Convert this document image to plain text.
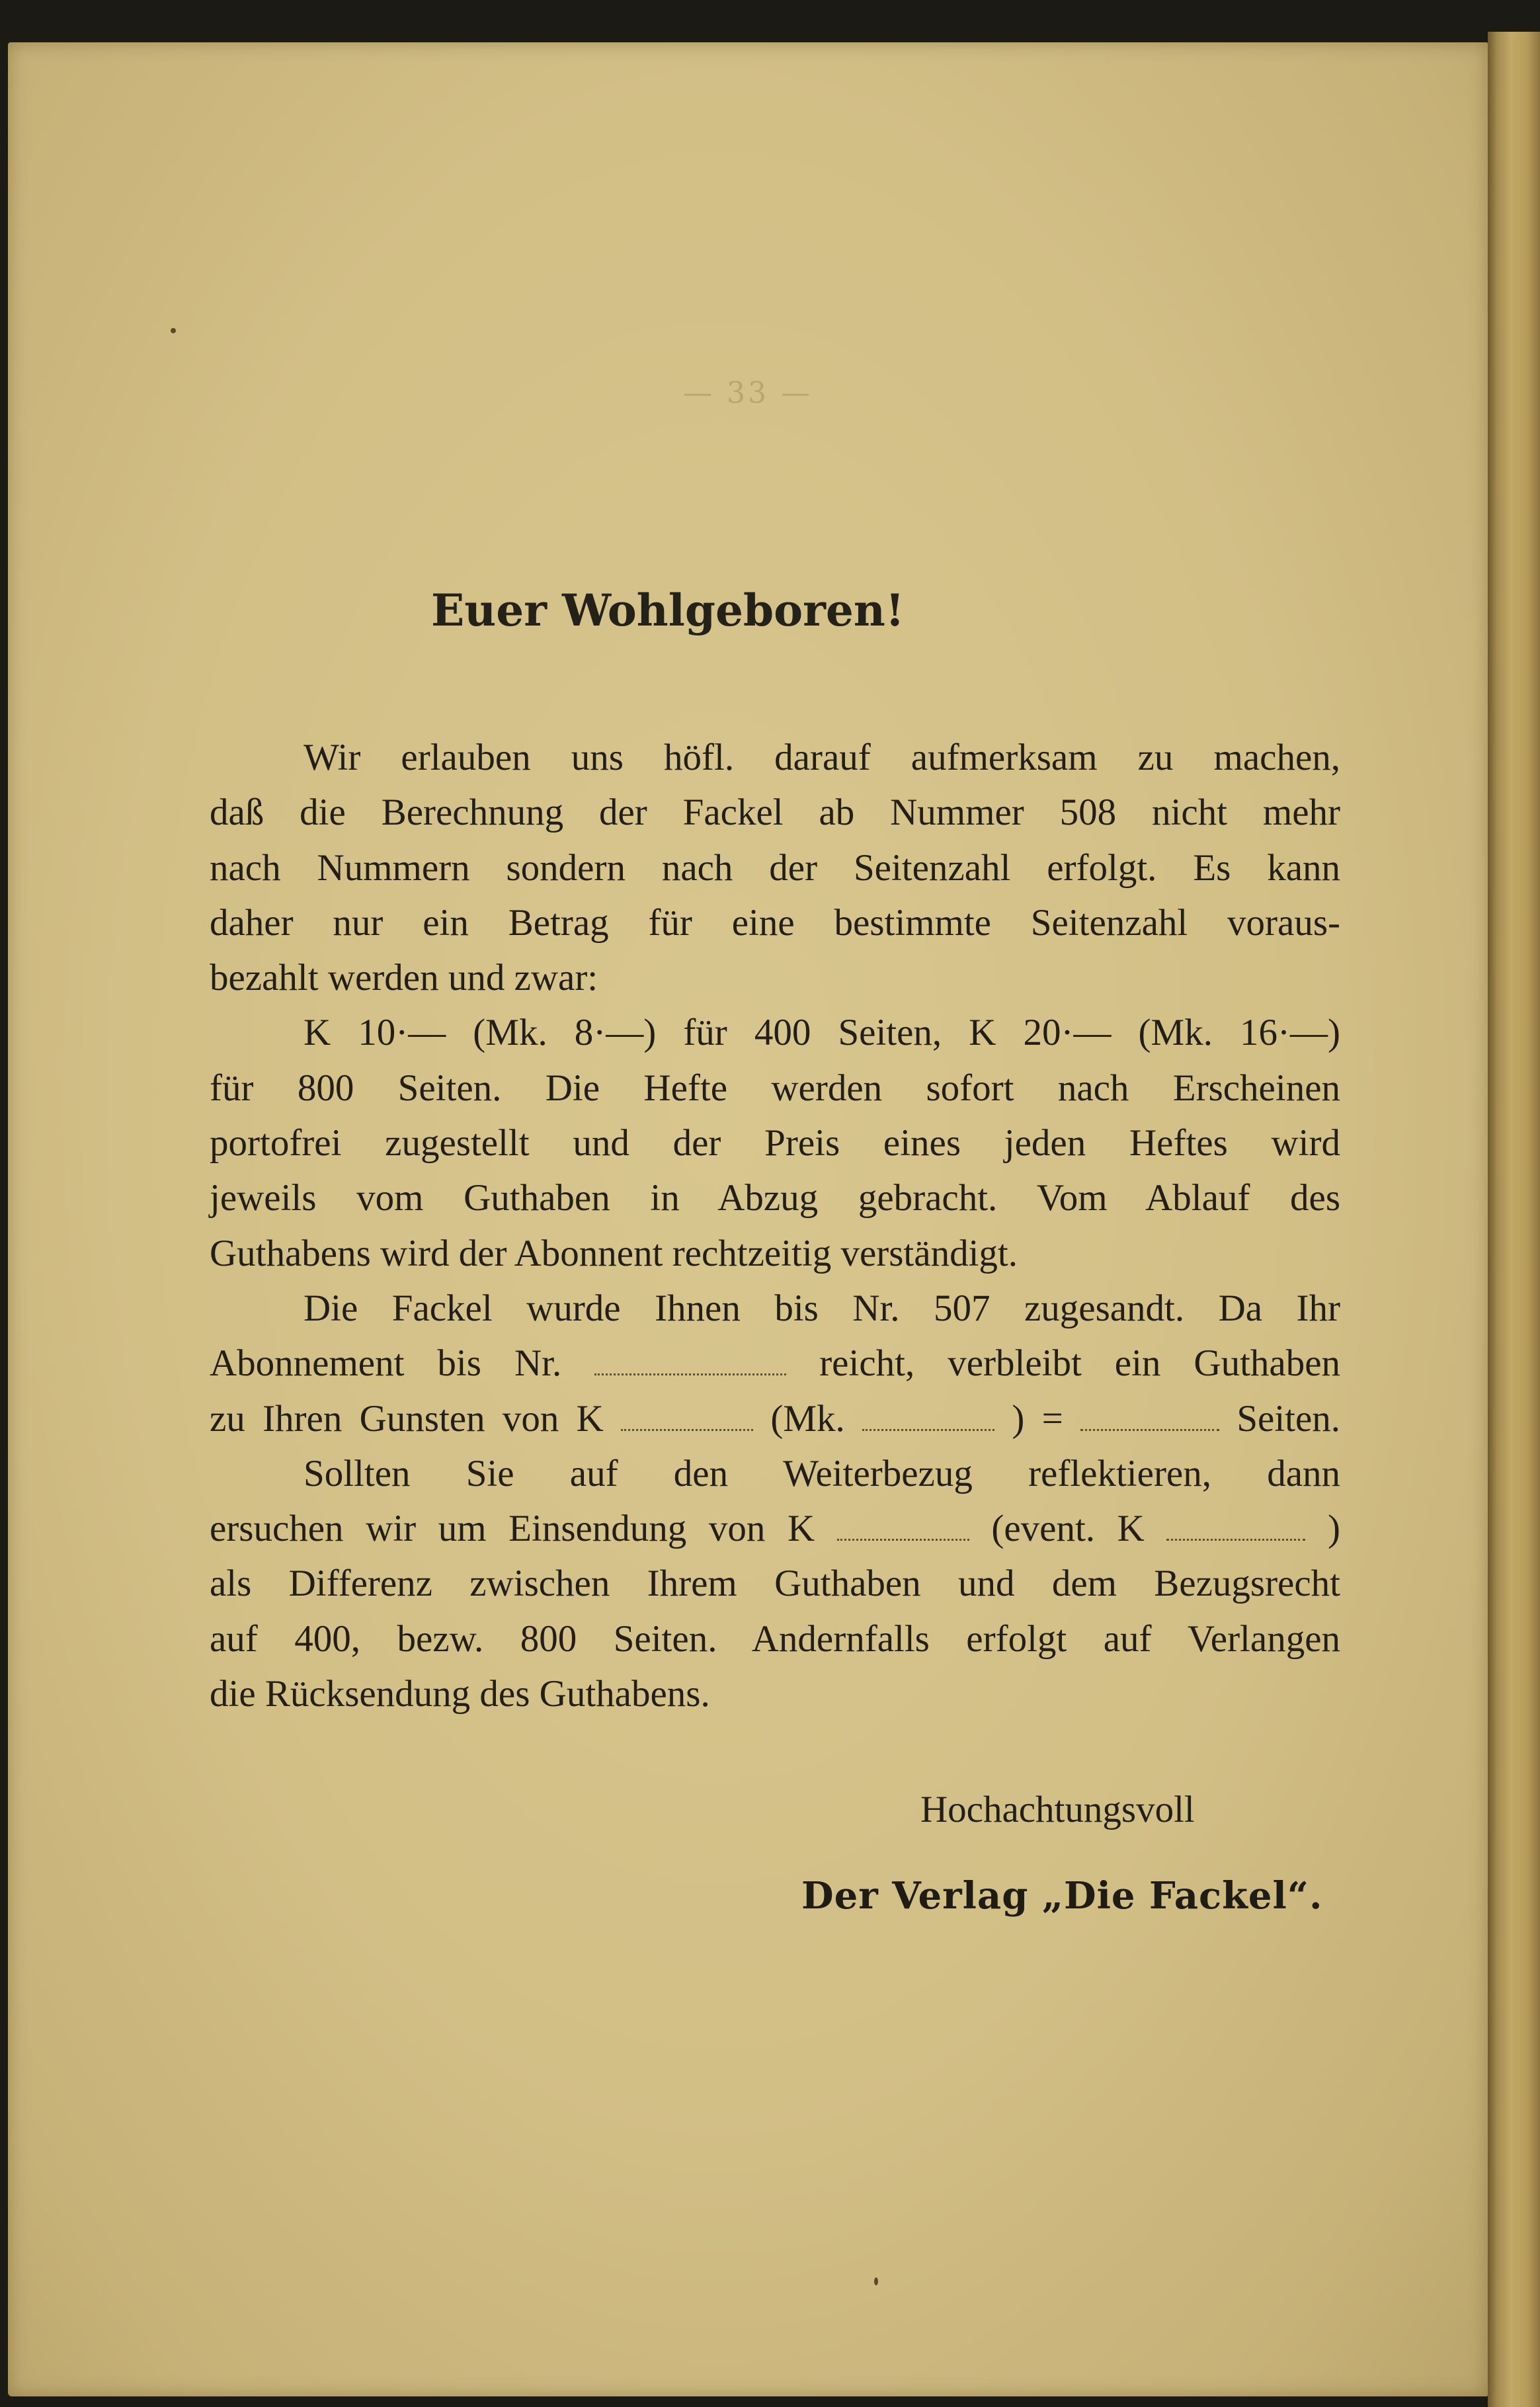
— 33 —
Euer Wohlgeboren!
Wir erlauben uns höfl. darauf aufmerksam zu machen,
daß die Berechnung der Fackel ab Nummer 508 nicht mehr
nach Nummern sondern nach der Seitenzahl erfolgt. Es kann
daher nur ein Betrag für eine bestimmte Seitenzahl voraus-
bezahlt werden und zwar:
K 10·— (Mk. 8·—) für 400 Seiten, K 20·— (Mk. 16·—)
für 800 Seiten. Die Hefte werden sofort nach Erscheinen
portofrei zugestellt und der Preis eines jeden Heftes wird
jeweils vom Guthaben in Abzug gebracht. Vom Ablauf des
Guthabens wird der Abonnent rechtzeitig verständigt.
Die Fackel wurde Ihnen bis Nr. 507 zugesandt. Da Ihr
Abonnement bis Nr.	reicht, verbleibt ein Guthaben
zu Ihren Gunsten von K	(Mk.	) =	Seiten.
Sollten Sie auf den Weiterbezug reflektieren, dann
ersuchen wir um Einsendung von K	(event. K	)
als Differenz zwischen Ihrem Guthaben und dem Bezugsrecht
auf 400, bezw. 800 Seiten. Andernfalls erfolgt auf Verlangen
die Rücksendung des Guthabens.
Hochachtungsvoll
Der Verlag „Die Fackel“.
